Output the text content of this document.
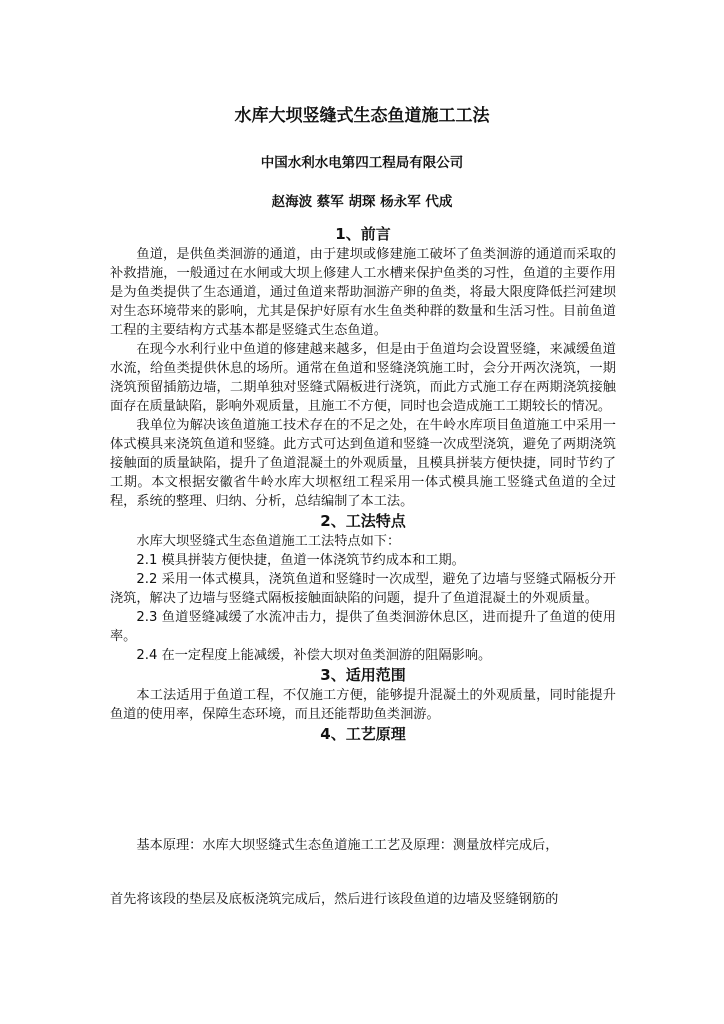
水库大坝竖缝式生态鱼道施工工法
中国水利水电第四工程局有限公司
赵海波 蔡军 胡琛 杨永军 代成
1、前言

鱼道，是供鱼类洄游的通道，由于建坝或修建施工破坏了鱼类洄游的通道而采取的补救措施，一般通过在水闸或大坝上修建人工水槽来保护鱼类的习性，鱼道的主要作用是为鱼类提供了生态通道，通过鱼道来帮助洄游产卵的鱼类，将最大限度降低拦河建坝对生态环境带来的影响，尤其是保护好原有水生鱼类种群的数量和生活习性。目前鱼道工程的主要结构方式基本都是竖缝式生态鱼道。

在现今水利行业中鱼道的修建越来越多，但是由于鱼道均会设置竖缝，来减缓鱼道水流，给鱼类提供休息的场所。通常在鱼道和竖缝浇筑施工时，会分开两次浇筑，一期浇筑预留插筋边墙，二期单独对竖缝式隔板进行浇筑，而此方式施工存在两期浇筑接触面存在质量缺陷，影响外观质量，且施工不方便，同时也会造成施工工期较长的情况。

我单位为解决该鱼道施工技术存在的不足之处，在牛岭水库项目鱼道施工中采用一体式模具来浇筑鱼道和竖缝。此方式可达到鱼道和竖缝一次成型浇筑，避免了两期浇筑接触面的质量缺陷，提升了鱼道混凝土的外观质量，且模具拼装方便快捷，同时节约了工期。本文根据安徽省牛岭水库大坝枢纽工程采用一体式模具施工竖缝式鱼道的全过程，系统的整理、归纳、分析，总结编制了本工法。

2、工法特点

水库大坝竖缝式生态鱼道施工工法特点如下：

2.1 模具拼装方便快捷，鱼道一体浇筑节约成本和工期。

2.2 采用一体式模具，浇筑鱼道和竖缝时一次成型，避免了边墙与竖缝式隔板分开浇筑，解决了边墙与竖缝式隔板接触面缺陷的问题，提升了鱼道混凝土的外观质量。

2.3 鱼道竖缝减缓了水流冲击力，提供了鱼类洄游休息区，进而提升了鱼道的使用率。

2.4 在一定程度上能减缓，补偿大坝对鱼类洄游的阻隔影响。

3、适用范围

本工法适用于鱼道工程，不仅施工方便，能够提升混凝土的外观质量，同时能提升鱼道的使用率，保障生态环境，而且还能帮助鱼类洄游。

4、工艺原理

基本原理：水库大坝竖缝式生态鱼道施工工艺及原理：测量放样完成后，

首先将该段的垫层及底板浇筑完成后，然后进行该段鱼道的边墙及竖缝钢筋的
